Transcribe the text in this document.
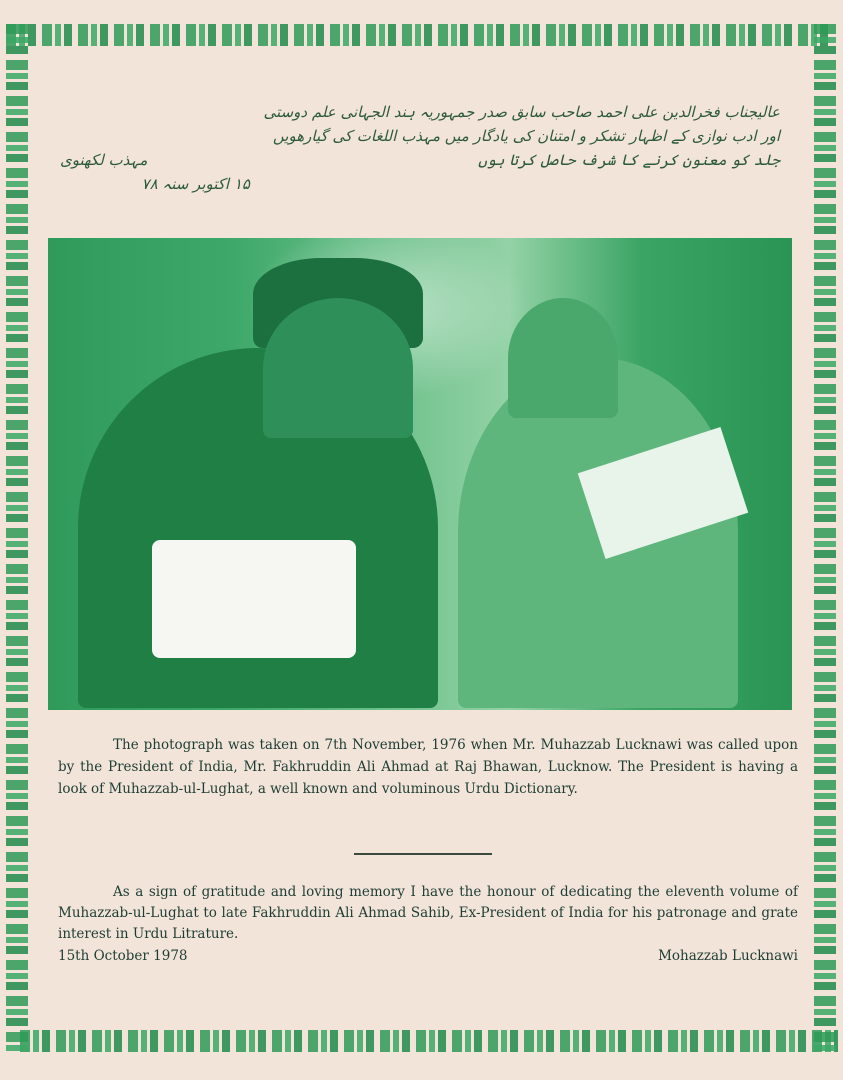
عالیجناب فخرالدین علی احمد صاحب سابق صدر جمہوریہ ہند الجہانی علم دوستی
اور ادب نوازی کے اظہار تشکر و امتنان کی یادگار میں مہذب اللغات کی گیارھویں
جلد کو معنون کرنے کا شرف حاصل کرتا ہوں
مہذب لکھنوی
۱۵ اکتوبر سنہ ۷۸

The photograph was taken on 7th November, 1976 when Mr. Muhazzab Lucknawi was called upon by the President of India, Mr. Fakhruddin Ali Ahmad at Raj Bhawan, Lucknow. The President is having a look of Muhazzab-ul-Lughat, a well known and voluminous Urdu Dictionary.

As a sign of gratitude and loving memory I have the honour of dedicating the eleventh volume of Muhazzab-ul-Lughat to late Fakhruddin Ali Ahmad Sahib, Ex-President of India for his patronage and grate interest in Urdu Litrature.

15th October 1978	Mohazzab Lucknawi
